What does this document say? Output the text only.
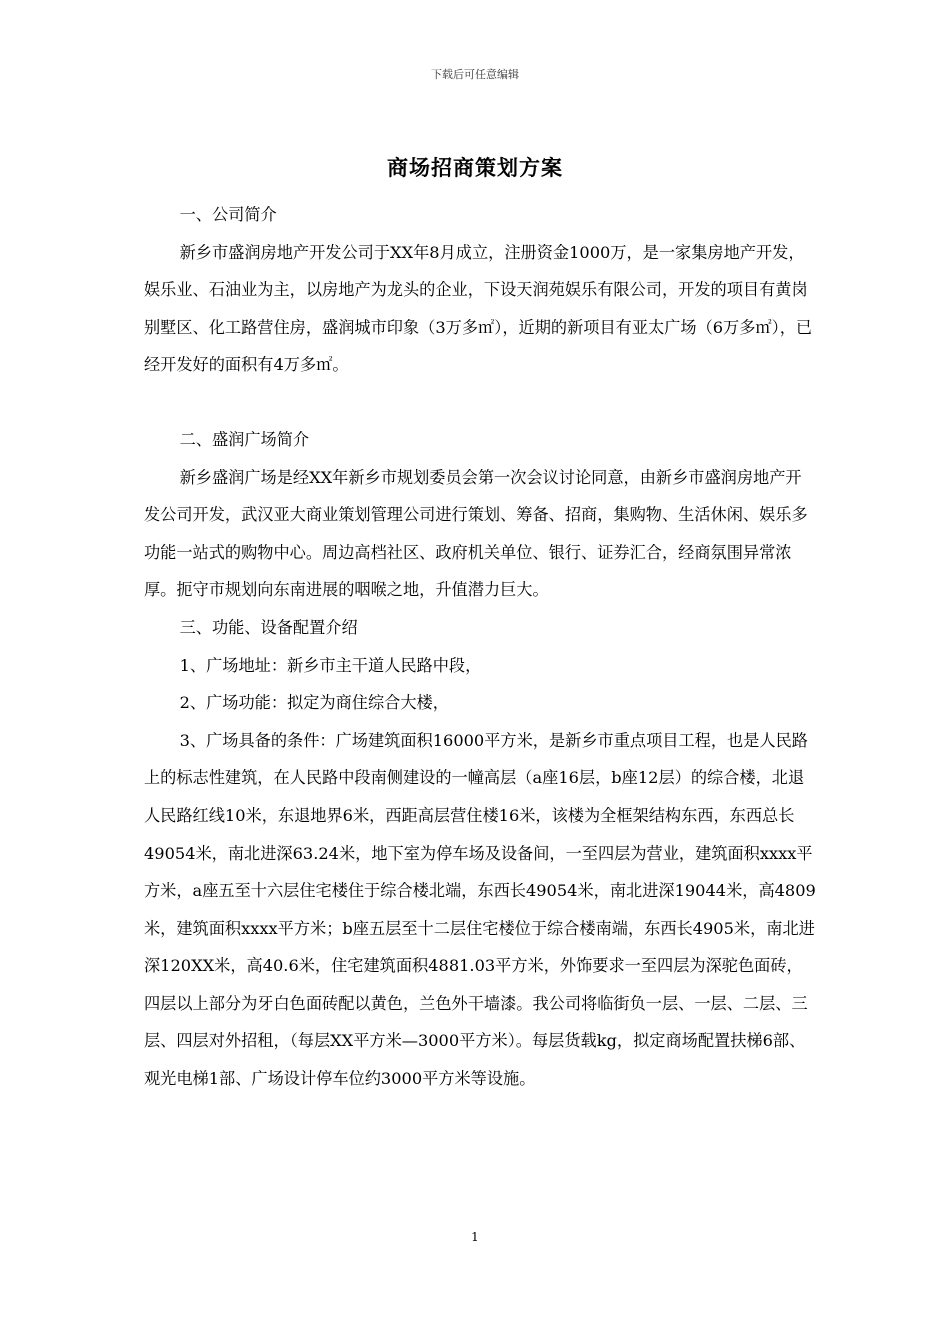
下载后可任意编辑
商场招商策划方案

一、公司简介

新乡市盛润房地产开发公司于XX年8月成立，注册资金1000万，是一家集房地产开发，娱乐业、石油业为主，以房地产为龙头的企业，下设天润苑娱乐有限公司，开发的项目有黄岗别墅区、化工路营住房，盛润城市印象（3万多㎡），近期的新项目有亚太广场（6万多㎡），已经开发好的面积有4万多㎡。

二、盛润广场简介

新乡盛润广场是经XX年新乡市规划委员会第一次会议讨论同意，由新乡市盛润房地产开发公司开发，武汉亚大商业策划管理公司进行策划、筹备、招商，集购物、生活休闲、娱乐多功能一站式的购物中心。周边高档社区、政府机关单位、银行、证券汇合，经商氛围异常浓厚。扼守市规划向东南进展的咽喉之地，升值潜力巨大。

三、功能、设备配置介绍

1、广场地址：新乡市主干道人民路中段，

2、广场功能：拟定为商住综合大楼，

3、广场具备的条件：广场建筑面积16000平方米，是新乡市重点项目工程，也是人民路上的标志性建筑，在人民路中段南侧建设的一幢高层（a座16层，b座12层）的综合楼，北退人民路红线10米，东退地界6米，西距高层营住楼16米，该楼为全框架结构东西，东西总长49054米，南北进深63.24米，地下室为停车场及设备间，一至四层为营业，建筑面积xxxx平方米，a座五至十六层住宅楼住于综合楼北端，东西长49054米，南北进深19044米，高4809米，建筑面积xxxx平方米；b座五层至十二层住宅楼位于综合楼南端，东西长4905米，南北进深120XX米，高40.6米，住宅建筑面积4881.03平方米，外饰要求一至四层为深驼色面砖，四层以上部分为牙白色面砖配以黄色，兰色外干墙漆。我公司将临街负一层、一层、二层、三层、四层对外招租，（每层XX平方米—3000平方米）。每层货载kg，拟定商场配置扶梯6部、观光电梯1部、广场设计停车位约3000平方米等设施。

1
